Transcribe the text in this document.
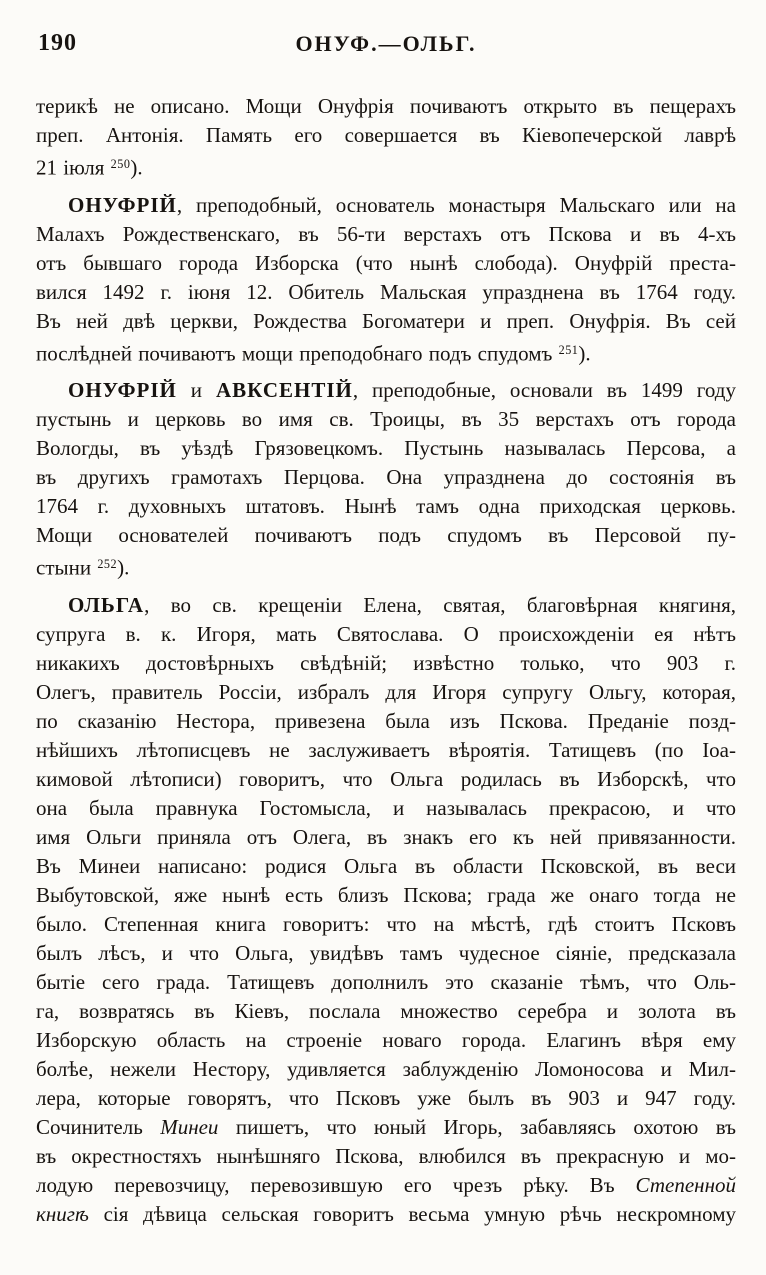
190	ОНУФ.—ОЛЬГ.
терикѣ не описано. Мощи Онуфрія почиваютъ открыто въ пещерахъ
преп. Антонія. Память его совершается въ Кіевопечерской лаврѣ
21 іюля $^{250}$).
ОНУФРІЙ, преподобный, основатель монастыря Мальскаго или на
Малахъ Рождественскаго, въ 56-ти верстахъ отъ Пскова и въ 4-хъ
отъ бывшаго города Изборска (что нынѣ слобода). Онуфрій преста-
вился 1492 г. іюня 12. Обитель Мальская упразднена въ 1764 году.
Въ ней двѣ церкви, Рождества Богоматери и преп. Онуфрія. Въ сей
послѣдней почиваютъ мощи преподобнаго подъ спудомъ $^{251}$).
ОНУФРІЙ и АВКСЕНТІЙ, преподобные, основали въ 1499 году
пустынь и церковь во имя св. Троицы, въ 35 верстахъ отъ города
Вологды, въ уѣздѣ Грязовецкомъ. Пустынь называлась Персова, а
въ другихъ грамотахъ Перцова. Она упразднена до состоянія въ
1764 г. духовныхъ штатовъ. Нынѣ тамъ одна приходская церковь.
Мощи основателей почиваютъ подъ спудомъ въ Персовой пу-
стыни $^{252}$).
ОЛЬГА, во св. крещеніи Елена, святая, благовѣрная княгиня,
супруга в. к. Игоря, мать Святослава. О происхожденіи ея нѣтъ
никакихъ достовѣрныхъ свѣдѣній; извѣстно только, что 903 г.
Олегъ, правитель Россіи, избралъ для Игоря супругу Ольгу, которая,
по сказанію Нестора, привезена была изъ Пскова. Преданіе позд-
нѣйшихъ лѣтописцевъ не заслуживаетъ вѣроятія. Татищевъ (по Іоа-
кимовой лѣтописи) говоритъ, что Ольга родилась въ Изборскѣ, что
она была правнука Гостомысла, и называлась прекрасою, и что
имя Ольги приняла отъ Олега, въ знакъ его къ ней привязанности.
Въ Минеи написано: родися Ольга въ области Псковской, въ веси
Выбутовской, яже нынѣ есть близъ Пскова; града же онаго тогда не
было. Степенная книга говоритъ: что на мѣстѣ, гдѣ стоитъ Псковъ
былъ лѣсъ, и что Ольга, увидѣвъ тамъ чудесное сіяніе, предсказала
бытіе сего града. Татищевъ дополнилъ это сказаніе тѣмъ, что Оль-
га, возвратясь въ Кіевъ, послала множество серебра и золота въ
Изборскую область на строеніе новаго города. Елагинъ вѣря ему
болѣе, нежели Нестору, удивляется заблужденію Ломоносова и Мил-
лера, которые говорятъ, что Псковъ уже былъ въ 903 и 947 году.
Сочинитель Минеи пишетъ, что юный Игорь, забавляясь охотою въ
въ окрестностяхъ нынѣшняго Пскова, влюбился въ прекрасную и мо-
лодую перевозчицу, перевозившую его чрезъ рѣку. Въ Степенной
книгѣ сія дѣвица сельская говоритъ весьма умную рѣчь нескромному
